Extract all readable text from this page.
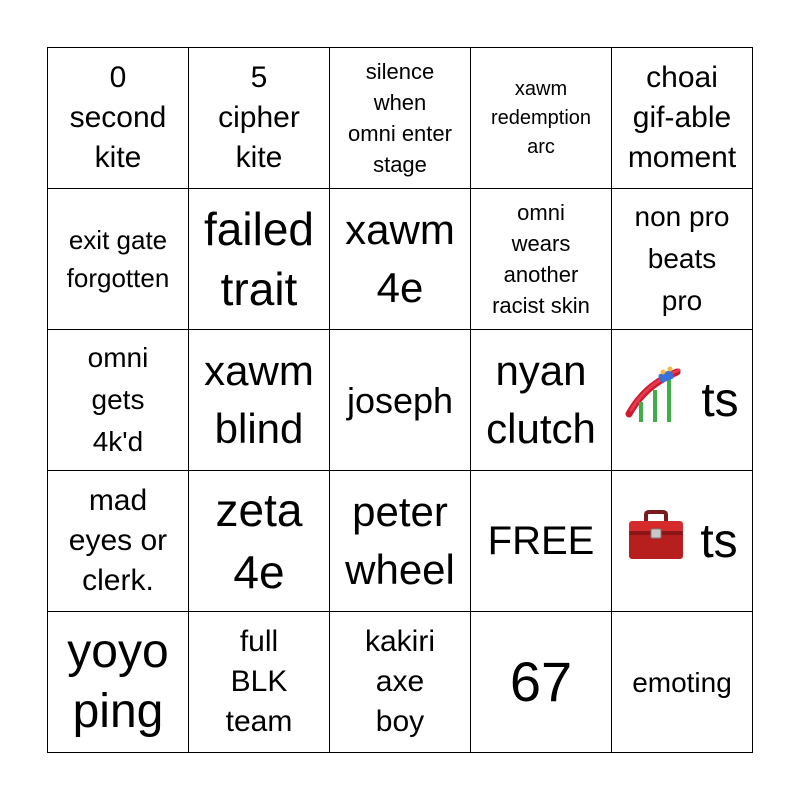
0
second
kite
5
cipher
kite
silence
when
omni enter
stage
xawm
redemption
arc
choai
gif-able
moment
exit gate
forgotten
failed
trait
xawm
4e
omni
wears
another
racist skin
non pro
beats
pro
omni
gets
4k'd
xawm
blind
joseph
nyan
clutch
ts
mad
eyes or
clerk.
zeta
4e
peter
wheel
FREE ts
yoyo
ping
full
BLK
team
kakiri
axe
boy
67 emoting
